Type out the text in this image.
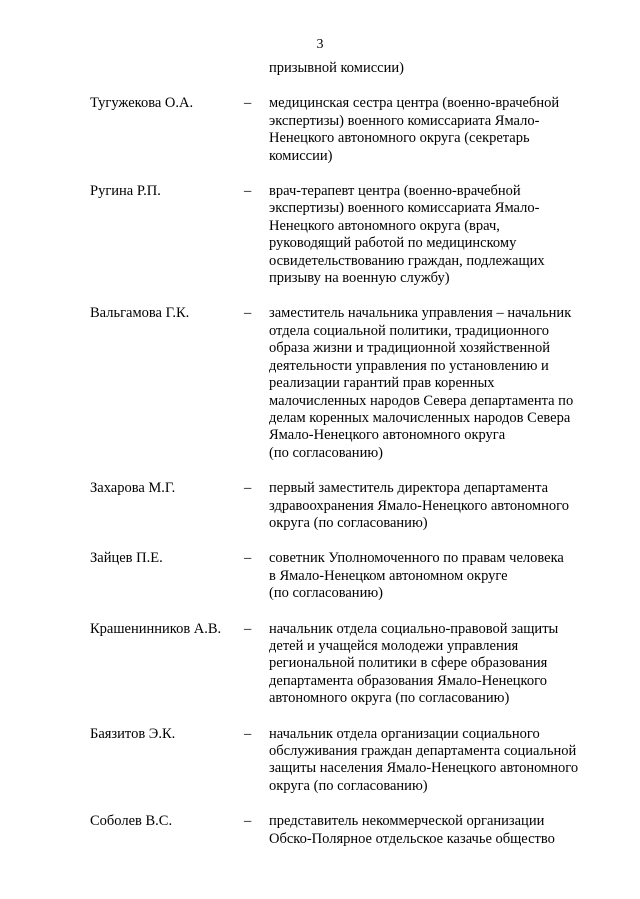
3
призывной комиссии)
Тугужекова О.А.	– медицинская сестра центра (военно-врачебной
экспертизы) военного комиссариата Ямало-
Ненецкого автономного округа (секретарь
комиссии)
Ругина Р.П.	– врач-терапевт центра (военно-врачебной
экспертизы) военного комиссариата Ямало-
Ненецкого автономного округа (врач,
руководящий работой по медицинскому
освидетельствованию граждан, подлежащих
призыву на военную службу)
Вальгамова Г.К.	– заместитель начальника управления – начальник
отдела социальной политики, традиционного
образа жизни и традиционной хозяйственной
деятельности управления по установлению и
реализации гарантий прав коренных
малочисленных народов Севера департамента по
делам коренных малочисленных народов Севера
Ямало-Ненецкого автономного округа
(по согласованию)
Захарова М.Г.	– первый заместитель директора департамента
здравоохранения Ямало-Ненецкого автономного
округа (по согласованию)
Зайцев П.Е.	– советник Уполномоченного по правам человека
в Ямало-Ненецком автономном округе
(по согласованию)
Крашенинников А.В. – начальник отдела социально-правовой защиты
детей и учащейся молодежи управления
региональной политики в сфере образования
департамента образования Ямало-Ненецкого
автономного округа (по согласованию)
Баязитов Э.К.	– начальник отдела организации социального
обслуживания граждан департамента социальной
защиты населения Ямало-Ненецкого автономного
округа (по согласованию)
Соболев В.С.	– представитель некоммерческой организации
Обско-Полярное отдельское казачье общество
